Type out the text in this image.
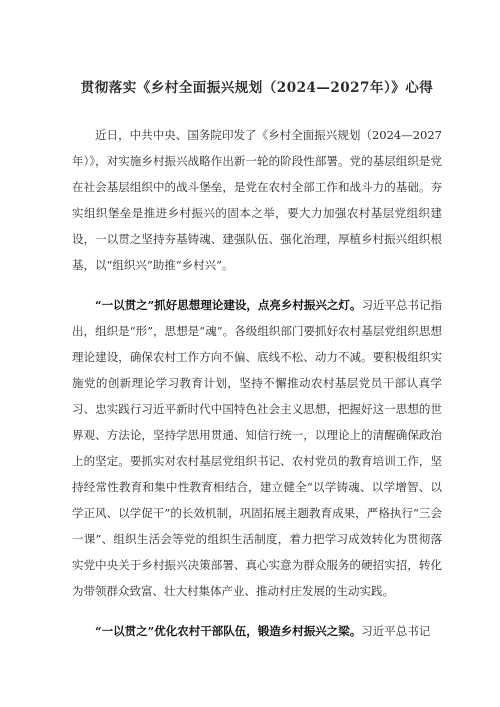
贯彻落实《乡村全面振兴规划（2024—2027年）》心得

近日，中共中央、国务院印发了《乡村全面振兴规划（2024—2027年）》，对实施乡村振兴战略作出新一轮的阶段性部署。党的基层组织是党在社会基层组织中的战斗堡垒，是党在农村全部工作和战斗力的基础。夯实组织堡垒是推进乡村振兴的固本之举，要大力加强农村基层党组织建设，一以贯之坚持夯基铸魂、建强队伍、强化治理，厚植乡村振兴组织根基，以“组织兴”助推“乡村兴”。

“一以贯之”抓好思想理论建设，点亮乡村振兴之灯。习近平总书记指出，组织是“形”，思想是“魂”。各级组织部门要抓好农村基层党组织思想理论建设，确保农村工作方向不偏、底线不松、动力不减。要积极组织实施党的创新理论学习教育计划，坚持不懈推动农村基层党员干部认真学习、忠实践行习近平新时代中国特色社会主义思想，把握好这一思想的世界观、方法论，坚持学思用贯通、知信行统一，以理论上的清醒确保政治上的坚定。要抓实对农村基层党组织书记、农村党员的教育培训工作，坚持经常性教育和集中性教育相结合，建立健全“以学铸魂、以学增智、以学正风、以学促干”的长效机制，巩固拓展主题教育成果，严格执行“三会一课”、组织生活会等党的组织生活制度，着力把学习成效转化为贯彻落实党中央关于乡村振兴决策部署、真心实意为群众服务的硬招实招，转化为带领群众致富、壮大村集体产业、推动村庄发展的生动实践。

“一以贯之”优化农村干部队伍，锻造乡村振兴之梁。习近平总书记
